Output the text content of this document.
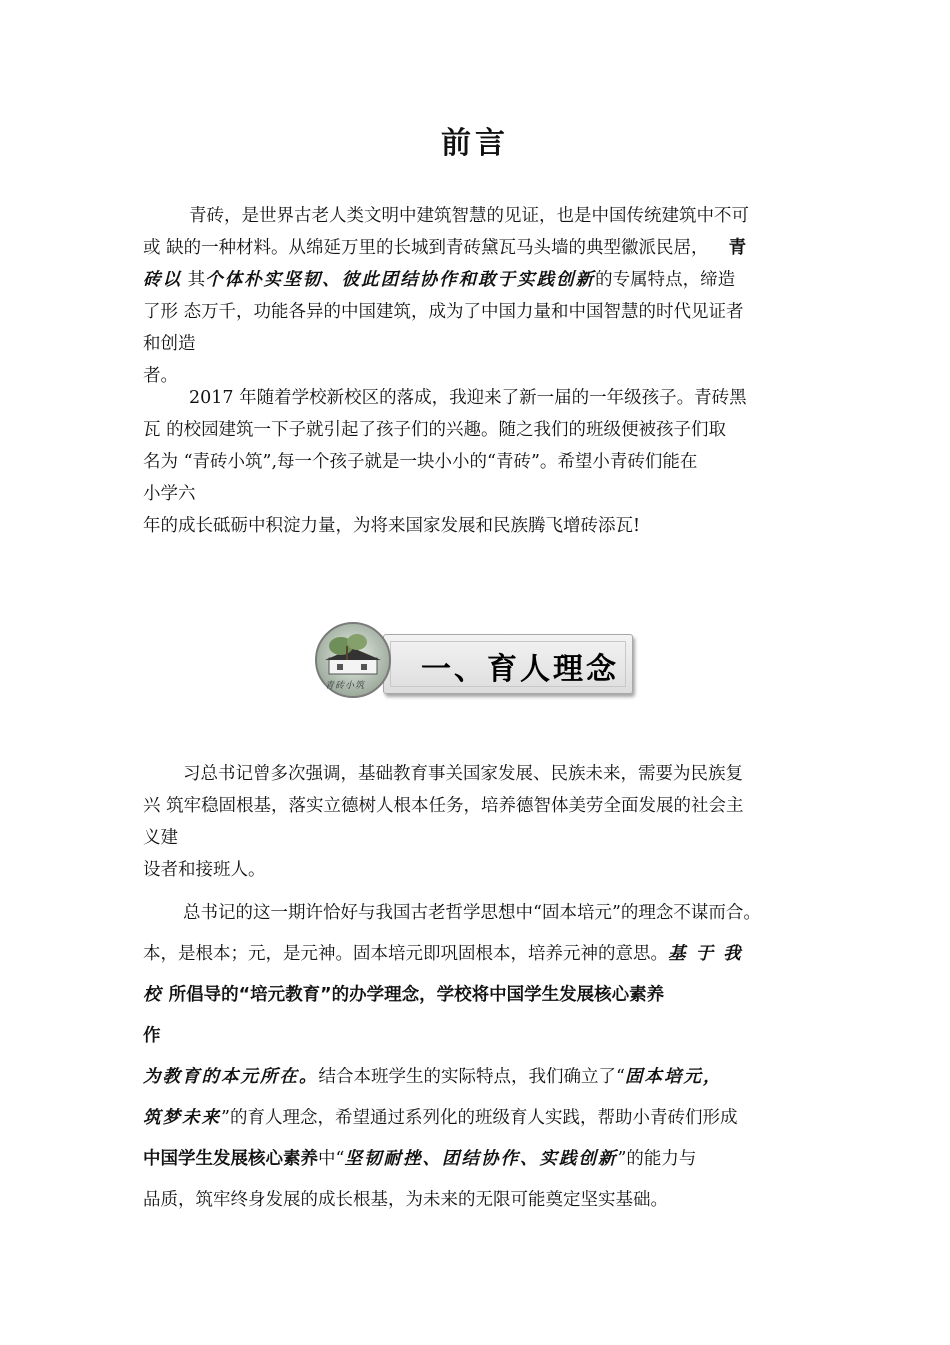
前言
青砖，是世界古老人类文明中建筑智慧的见证，也是中国传统建筑中不可
或 缺的一种材料。从绵延万里的长城到青砖黛瓦马头墙的典型徽派民居， 青
砖以 其个体朴实坚韧、彼此团结协作和敢于实践创新的专属特点，缔造
了形 态万千，功能各异的中国建筑，成为了中国力量和中国智慧的时代见证者
和创造
者。
2017 年随着学校新校区的落成，我迎来了新一届的一年级孩子。青砖黑
瓦 的校园建筑一下子就引起了孩子们的兴趣。随之我们的班级便被孩子们取
名为 “青砖小筑”,每一个孩子就是一块小小的“青砖”。希望小青砖们能在
小学六
年的成长砥砺中积淀力量，为将来国家发展和民族腾飞增砖添瓦!
青砖小筑 一、育人理念
习总书记曾多次强调，基础教育事关国家发展、民族未来，需要为民族复
兴 筑牢稳固根基，落实立德树人根本任务，培养德智体美劳全面发展的社会主
义建
设者和接班人。
总书记的这一期许恰好与我国古老哲学思想中“固本培元”的理念不谋而合。
本，是根本；元，是元神。固本培元即巩固根本，培养元神的意思。基 于 我
校 所倡导的“培元教育”的办学理念，学校将中国学生发展核心素养
作
为教育的本元所在。结合本班学生的实际特点，我们确立了“固本培元，
筑梦未来”的育人理念，希望通过系列化的班级育人实践，帮助小青砖们形成
中国学生发展核心素养中“坚韧耐挫、团结协作、实践创新”的能力与
品质，筑牢终身发展的成长根基，为未来的无限可能奠定坚实基础。
